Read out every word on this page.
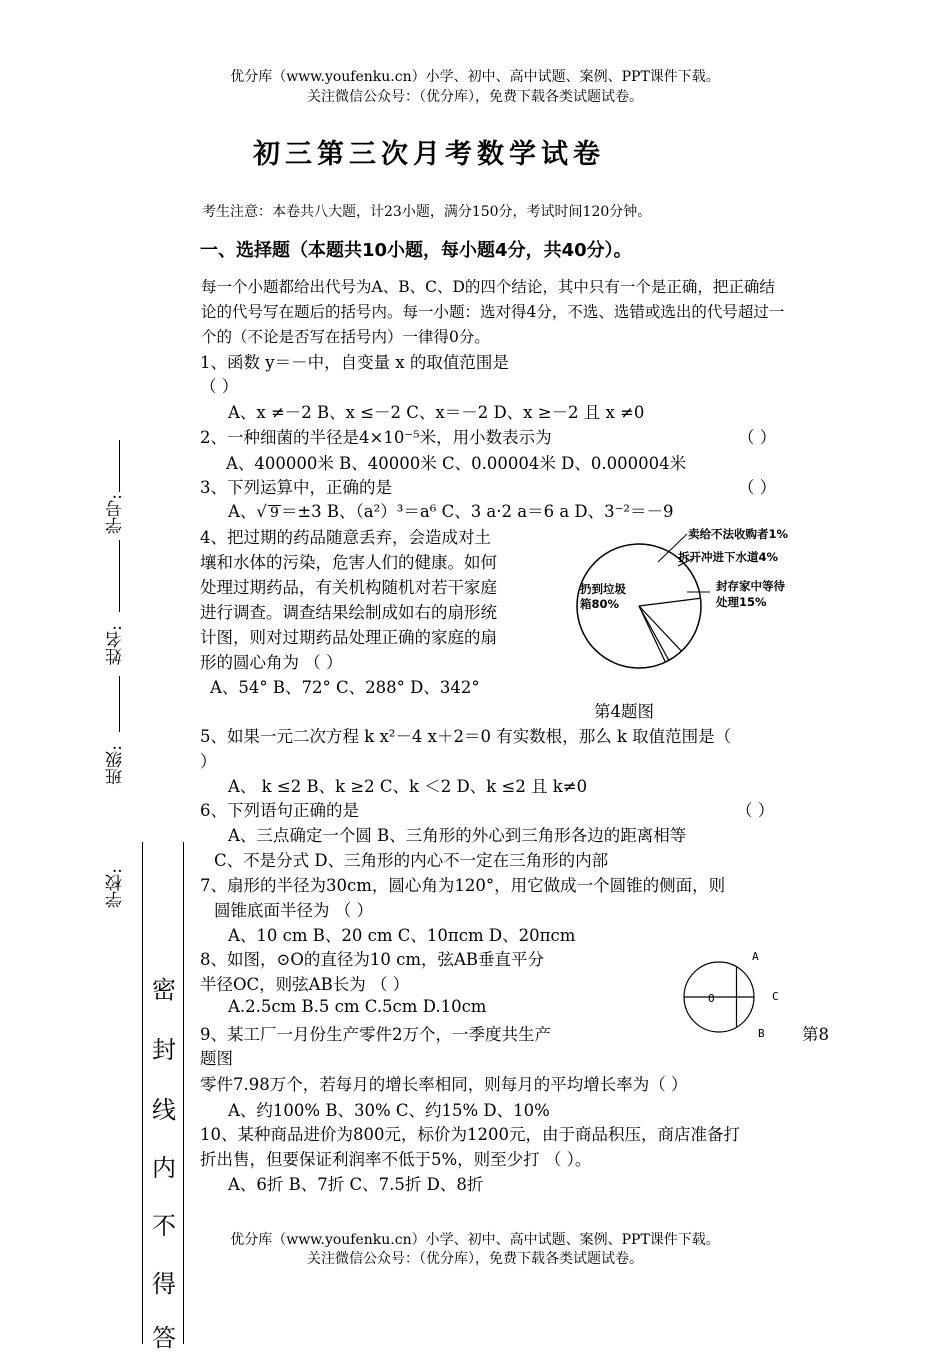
优分库（www.youfenku.cn）小学、初中、高中试题、案例、PPT课件下载。
关注微信公众号：（优分库），免费下载各类试题试卷。
初三第三次月考数学试卷
考生注意：本卷共八大题，计23小题，满分150分，考试时间120分钟。
一、选择题（本题共10小题，每小题4分，共40分）。
每一个小题都给出代号为A、B、C、D的四个结论，其中只有一个是正确，把正确结
论的代号写在题后的括号内。每一小题：选对得4分，不选、选错或选出的代号超过一
个的（不论是否写在括号内）一律得0分。
1、函数 y＝－中，自变量 x 的取值范围是
（ ）
A、x ≠－2 B、x ≤－2 C、x＝－2 D、x ≥－2 且 x ≠0
2、一种细菌的半径是4×10⁻⁵米，用小数表示为	（ ）
A、400000米 B、40000米 C、0.00004米 D、0.000004米
3、下列运算中，正确的是	（ ）
A、√ 9 ＝±3 B、（a²）³＝a⁶ C、3 a·2 a＝6 a D、3⁻²＝－9
4、把过期的药品随意丢弃，会造成对土
壤和水体的污染，危害人们的健康。如何
处理过期药品，有关机构随机对若干家庭
进行调查。调查结果绘制成如右的扇形统
计图，则对过期药品处理正确的家庭的扇
形的圆心角为 （ ）
A、54° B、72° C、288° D、342°
第4题图
卖给不法收购者1%
拆开冲进下水道4%
封存家中等待
处理15%
扔到垃圾
箱80%
5、如果一元二次方程 k x²－4 x＋2＝0 有实数根，那么 k 取值范围是（
）
A、 k ≤2 B、k ≥2 C、k ＜2 D、k ≤2 且 k≠0
6、下列语句正确的是	（ ）
A、三点确定一个圆 B、三角形的外心到三角形各边的距离相等
C、不是分式 D、三角形的内心不一定在三角形的内部
7、扇形的半径为30cm，圆心角为120°，用它做成一个圆锥的侧面，则
圆锥底面半径为 （ ）
A、10 cm B、20 cm C、10πcm D、20πcm
8、如图，⊙O的直径为10 cm，弦AB垂直平分
半径OC，则弦AB长为 （ ）
A.2.5cm B.5 cm C.5cm D.10cm
A
O	C
B
9、某工厂一月份生产零件2万个，一季度共生产	第8
题图
零件7.98万个，若每月的增长率相同，则每月的平均增长率为（ ）
A、约100% B、30% C、约15% D、10%
10、某种商品进价为800元，标价为1200元，由于商品积压，商店准备打
折出售，但要保证利润率不低于5%，则至少打 （ ）。
A、6折 B、7折 C、7.5折 D、8折
优分库（www.youfenku.cn）小学、初中、高中试题、案例、PPT课件下载。
关注微信公众号：（优分库），免费下载各类试题试卷。
学号:
姓名:
班级:
学校:
密
封
线
内
不
得
答
